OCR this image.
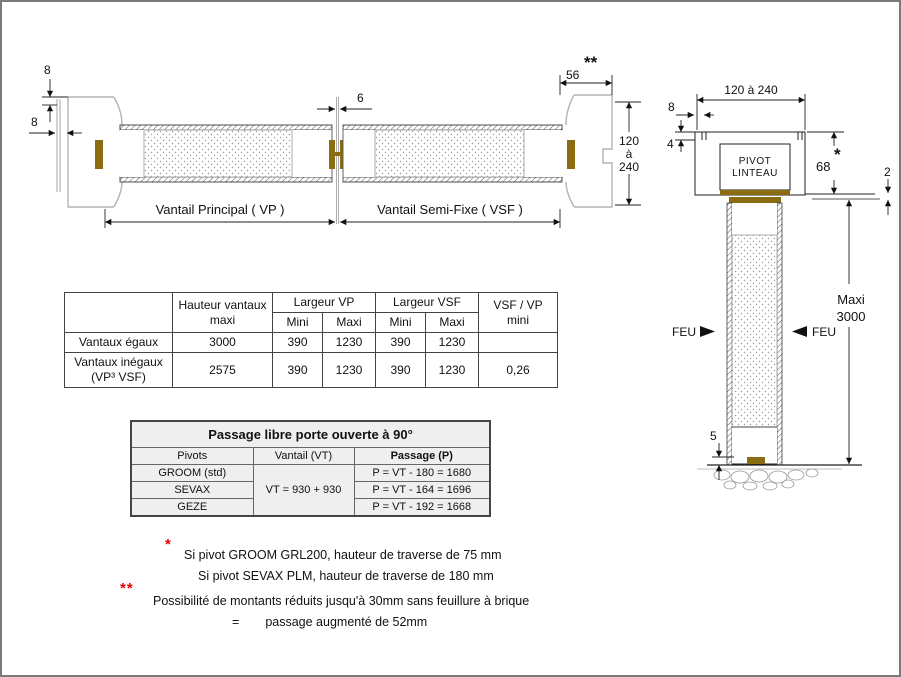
8
8
6
56
**
120
à
240
Vantail Principal ( VP )	Vantail Semi-Fixe ( VSF )
120 à 240
8
4
PIVOT
LINTEAU	68
*
2
FEU	FEU
Maxi
3000
5
	Hauteur vantaux maxi	Largeur VP		Largeur VSF		VSF / VP mini
		Mini	Maxi	Mini	Maxi	
Vantaux égaux	3000	390	1230	390	1230	
Vantaux inégaux (VP³ VSF)	2575	390	1230	390	1230	0,26
Passage libre porte ouverte à 90°		
Pivots	Vantail (VT)	Passage (P)
GROOM (std)	VT = 930 + 930	P = VT - 180 = 1680
SEVAX		P = VT - 164 = 1696
GEZE		P = VT - 192 = 1668
*
Si pivot GROOM GRL200, hauteur de traverse de 75 mm
Si pivot SEVAX PLM, hauteur de traverse de 180 mm
**
Possibilité de montants réduits jusqu'à 30mm sans feuillure à brique
= passage augmenté de 52mm
